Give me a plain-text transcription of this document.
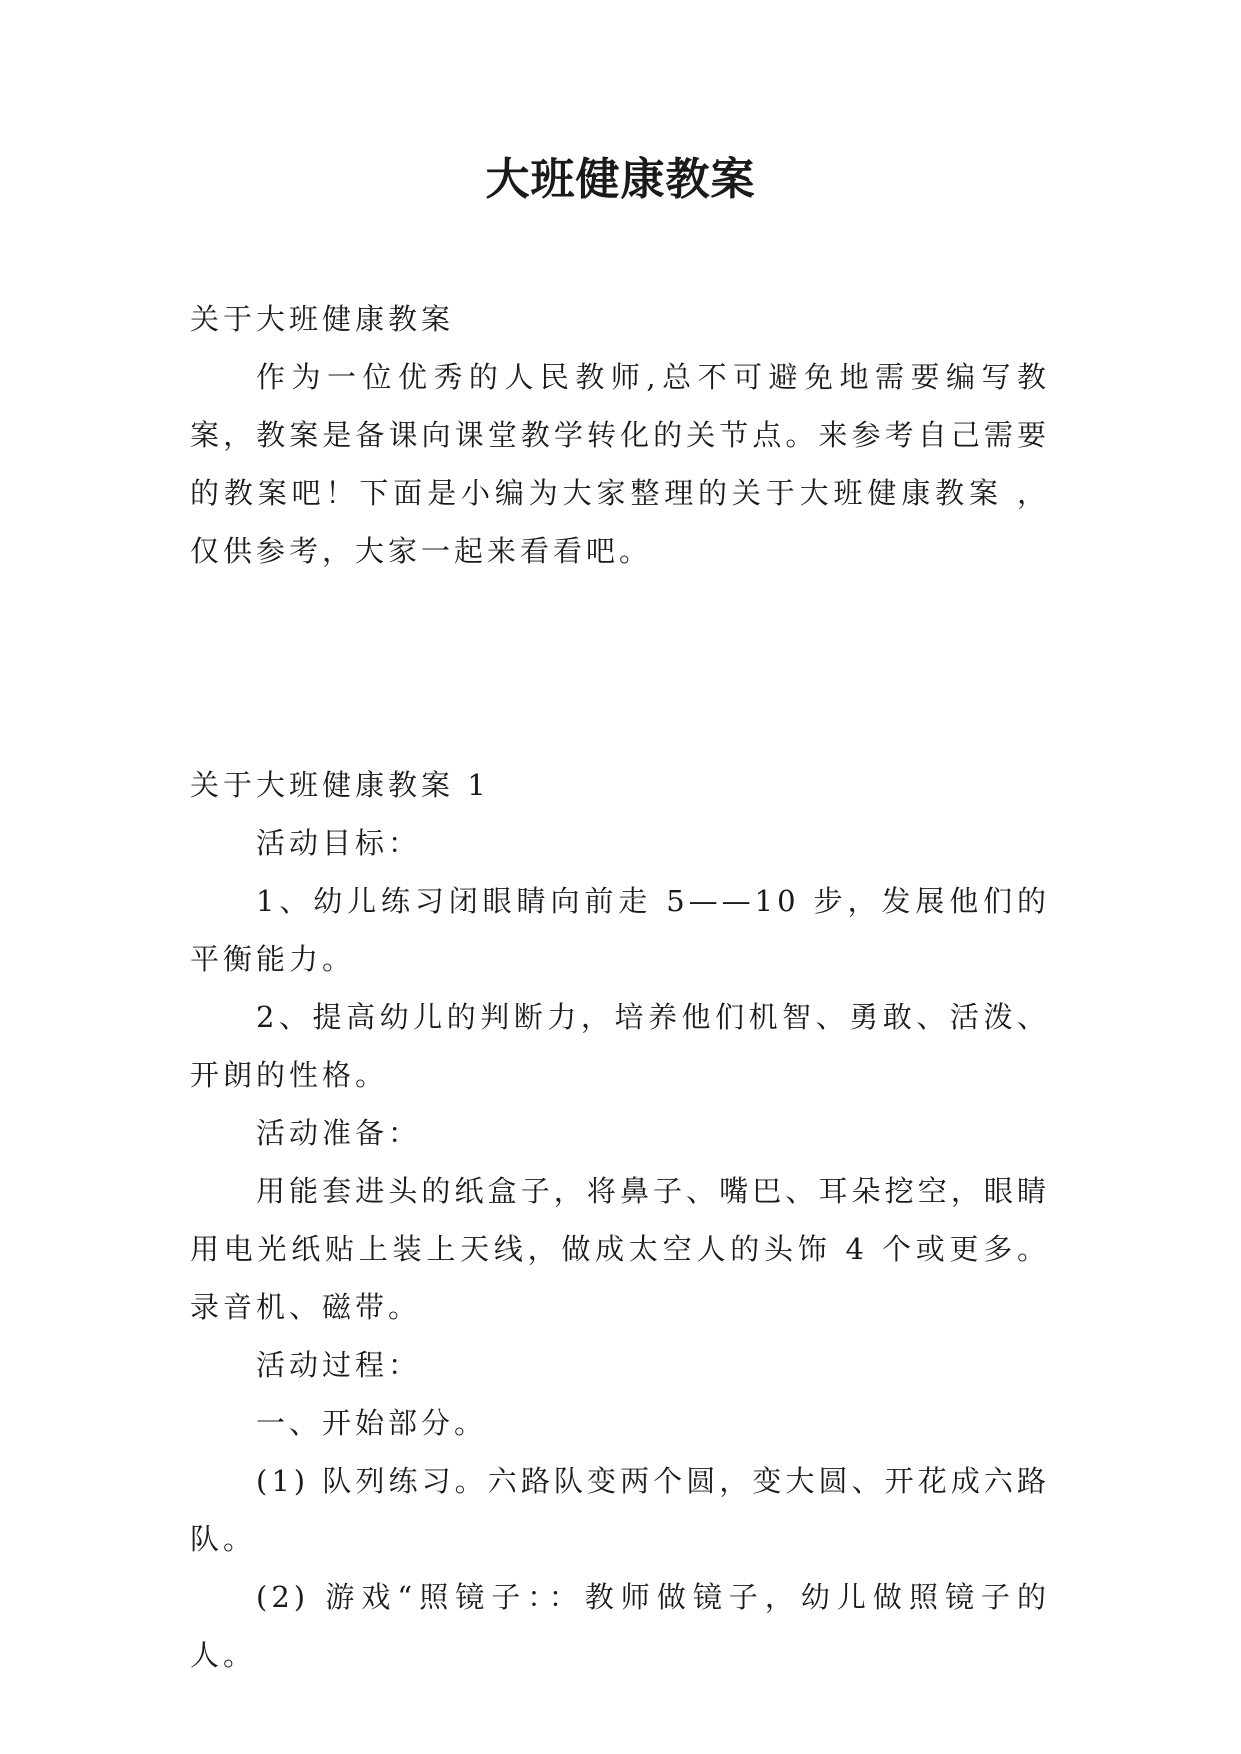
大班健康教案

关于大班健康教案

作为一位优秀的人民教师,总不可避免地需要编写教案，教案是备课向课堂教学转化的关节点。来参考自己需要的教案吧！下面是小编为大家整理的关于大班健康教案 ，仅供参考，大家一起来看看吧。

关于大班健康教案 1

活动目标：

1、幼儿练习闭眼睛向前走 5——10 步，发展他们的平衡能力。

2、提高幼儿的判断力，培养他们机智、勇敢、活泼、开朗的性格。

活动准备：

用能套进头的纸盒子，将鼻子、嘴巴、耳朵挖空，眼睛用电光纸贴上装上天线，做成太空人的头饰 4 个或更多。录音机、磁带。

活动过程：

一、开始部分。

(1) 队列练习。六路队变两个圆，变大圆、开花成六路队。

(2) 游戏“照镜子：：教师做镜子，幼儿做照镜子的人。
